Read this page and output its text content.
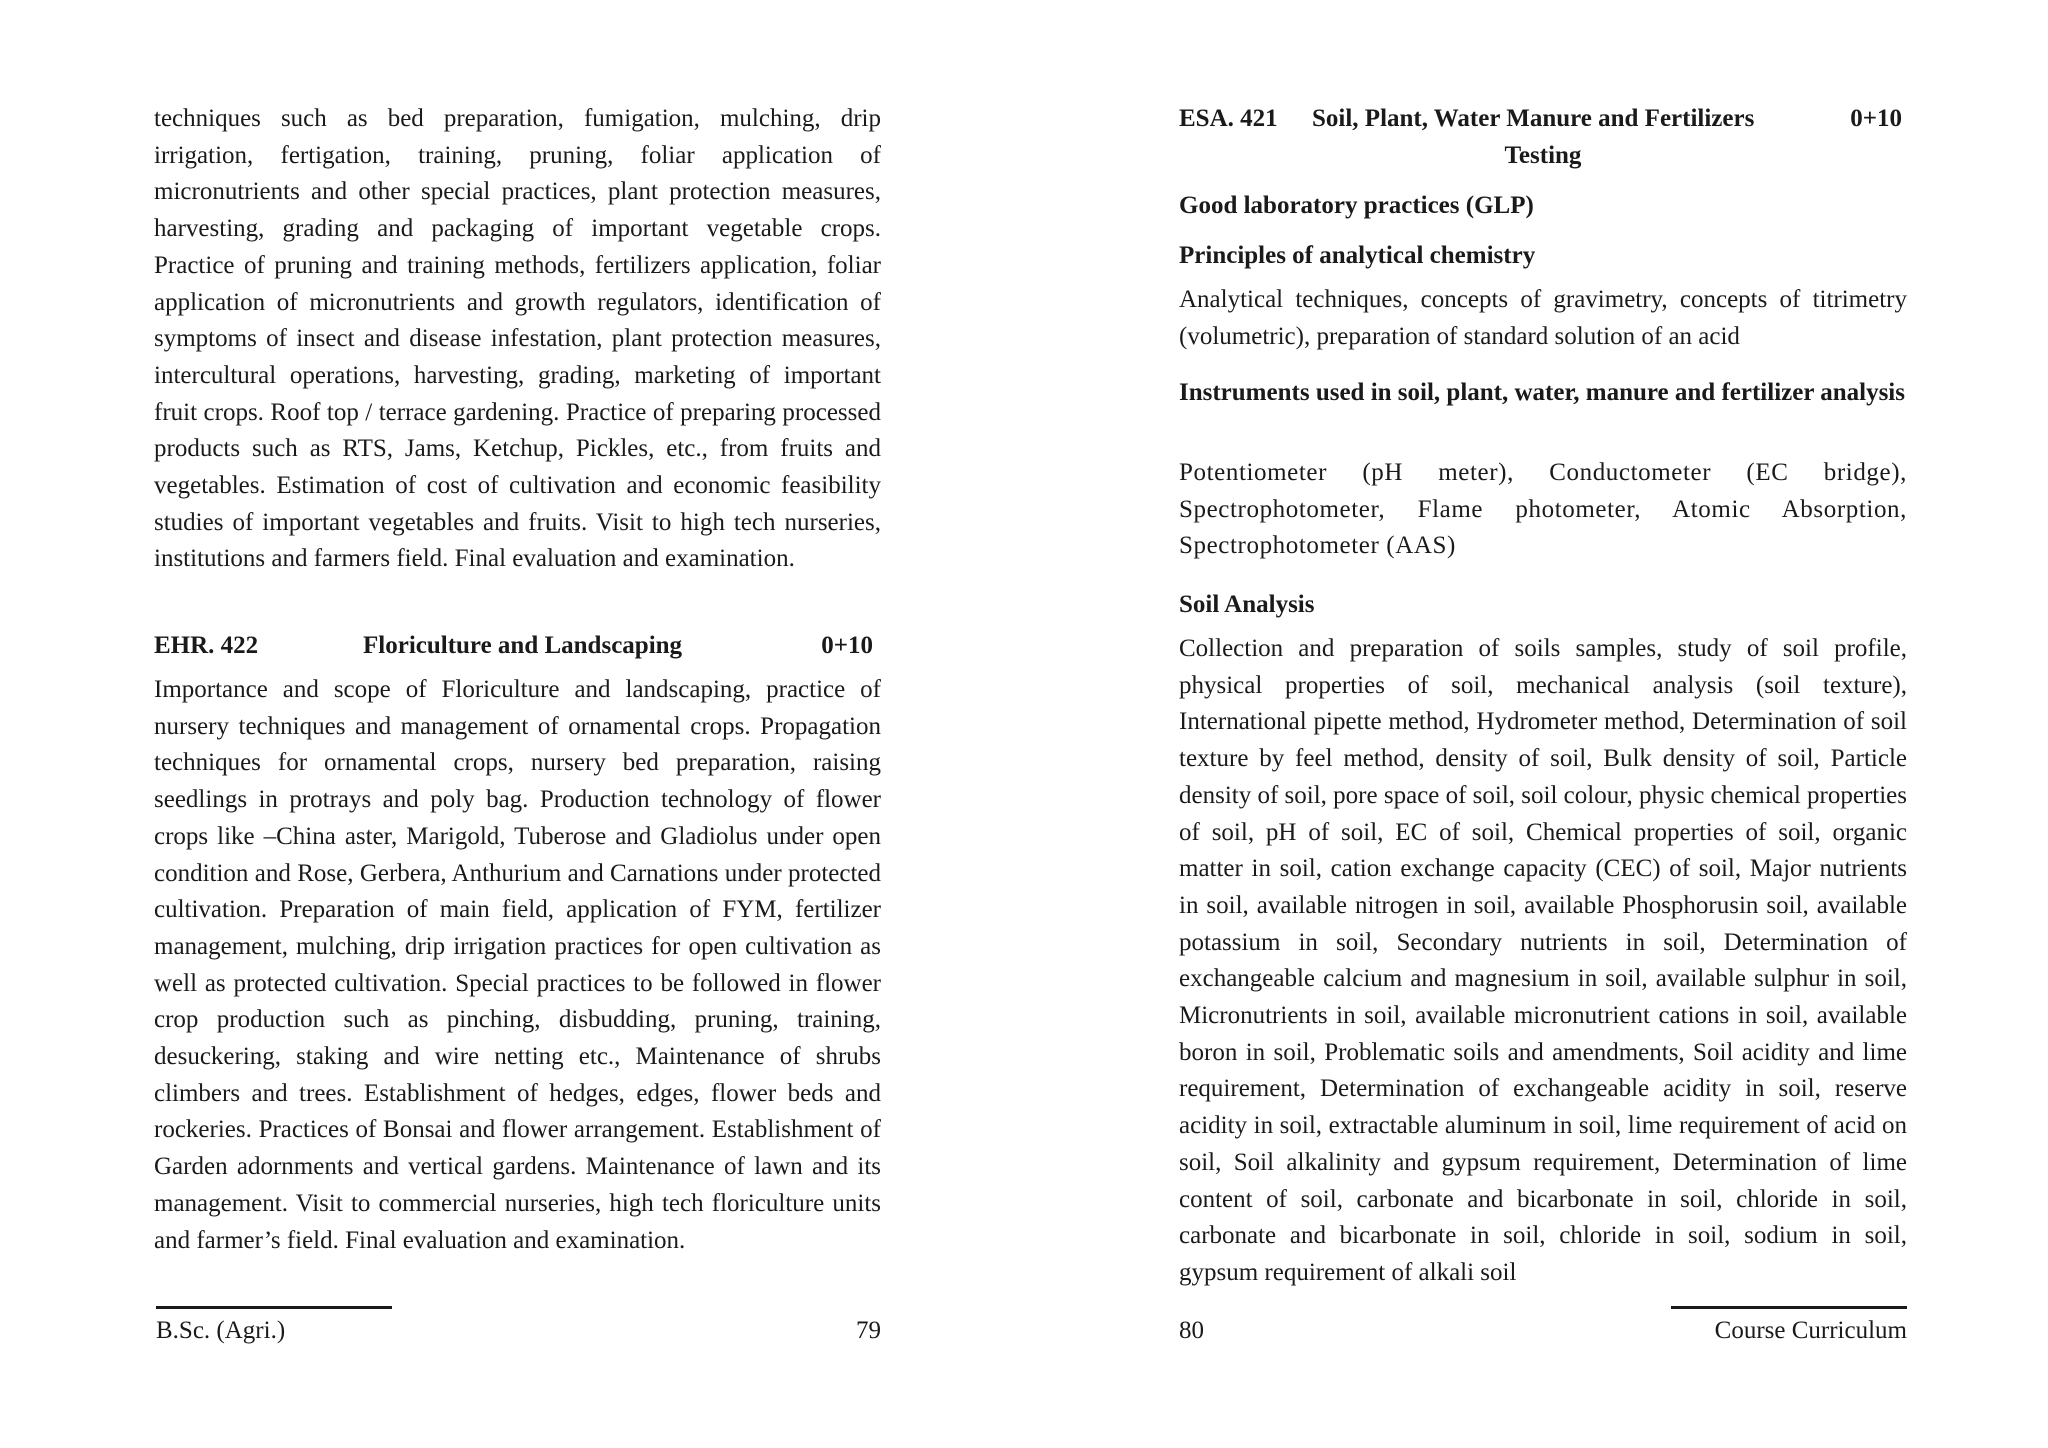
techniques such as bed preparation, fumigation, mulching, drip irrigation, fertigation, training, pruning, foliar application of micronutrients and other special practices, plant protection measures, harvesting, grading and packaging of important vegetable crops. Practice of pruning and training methods, fertilizers application, foliar application of micronutrients and growth regulators, identification of symptoms of insect and disease infestation, plant protection measures, intercultural operations, harvesting, grading, marketing of important fruit crops. Roof top / terrace gardening. Practice of preparing processed products such as RTS, Jams, Ketchup, Pickles, etc., from fruits and vegetables. Estimation of cost of cultivation and economic feasibility studies of important vegetables and fruits. Visit to high tech nurseries, institutions and farmers field. Final evaluation and examination.

EHR. 422	Floriculture and Landscaping	0+10

Importance and scope of Floriculture and landscaping, practice of nursery techniques and management of ornamental crops. Propagation techniques for ornamental crops, nursery bed preparation, raising seedlings in protrays and poly bag. Production technology of flower crops like –China aster, Marigold, Tuberose and Gladiolus under open condition and Rose, Gerbera, Anthurium and Carnations under protected cultivation. Preparation of main field, application of FYM, fertilizer management, mulching, drip irrigation practices for open cultivation as well as protected cultivation. Special practices to be followed in flower crop production such as pinching, disbudding, pruning, training, desuckering, staking and wire netting etc., Maintenance of shrubs climbers and trees. Establishment of hedges, edges, flower beds and rockeries. Practices of Bonsai and flower arrangement. Establishment of Garden adornments and vertical gardens. Maintenance of lawn and its management. Visit to commercial nurseries, high tech floriculture units and farmer’s field. Final evaluation and examination.

B.Sc. (Agri.)	79
ESA. 421 Soil, Plant, Water Manure and Fertilizers	0+10
Testing

Good laboratory practices (GLP)

Principles of analytical chemistry

Analytical techniques, concepts of gravimetry, concepts of titrimetry (volumetric), preparation of standard solution of an acid

Instruments used in soil, plant, water, manure and fertilizer analysis

Potentiometer (pH meter), Conductometer (EC bridge), Spectrophotometer, Flame photometer, Atomic Absorption, Spectrophotometer (AAS)

Soil Analysis

Collection and preparation of soils samples, study of soil profile, physical properties of soil, mechanical analysis (soil texture), International pipette method, Hydrometer method, Determination of soil texture by feel method, density of soil, Bulk density of soil, Particle density of soil, pore space of soil, soil colour, physic chemical properties of soil, pH of soil, EC of soil, Chemical properties of soil, organic matter in soil, cation exchange capacity (CEC) of soil, Major nutrients in soil, available nitrogen in soil, available Phosphorusin soil, available potassium in soil, Secondary nutrients in soil, Determination of exchangeable calcium and magnesium in soil, available sulphur in soil, Micronutrients in soil, available micronutrient cations in soil, available boron in soil, Problematic soils and amendments, Soil acidity and lime requirement, Determination of exchangeable acidity in soil, reserve acidity in soil, extractable aluminum in soil, lime requirement of acid on soil, Soil alkalinity and gypsum requirement, Determination of lime content of soil, carbonate and bicarbonate in soil, chloride in soil, carbonate and bicarbonate in soil, chloride in soil, sodium in soil, gypsum requirement of alkali soil

80	Course Curriculum
